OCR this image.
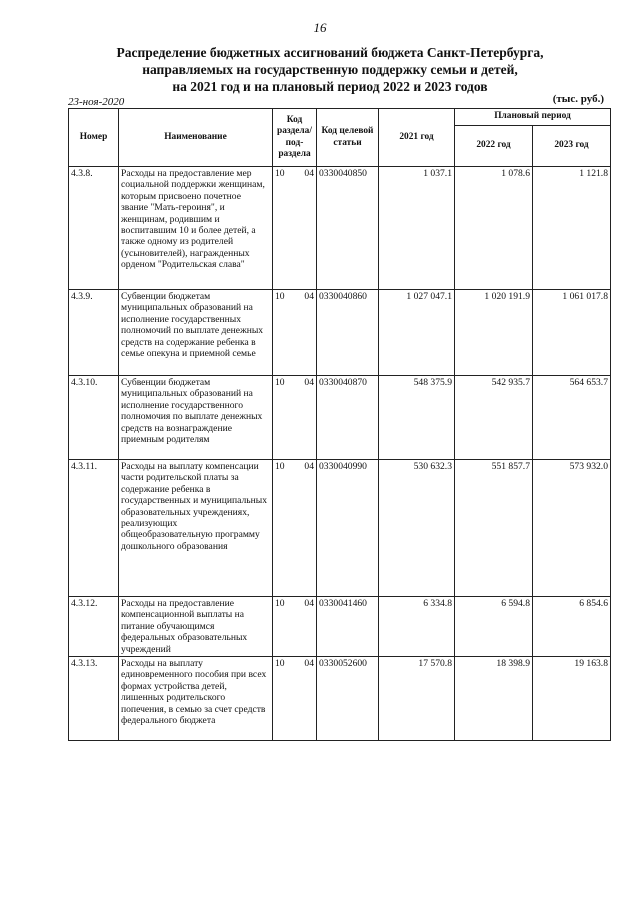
16
Распределение бюджетных ассигнований бюджета Санкт-Петербурга,
направляемых на государственную поддержку семьи и детей,
на 2021 год и на плановый период 2022 и 2023 годов
23-ноя-2020	(тыс. руб.)
Номер	Наименование	Код раздела/ под- раздела	Код целевой статьи	2021 год	Плановый период	
					2022 год	2023 год
4.3.8.	Расходы на предоставление мер социальной поддержки женщинам, которым присвоено почетное звание "Мать-героиня", и женщинам, родившим и воспитавшим 10 и более детей, а также одному из родителей (усыновителей), награжденных орденом "Родительская слава"	10 04	0330040850	1 037.1	1 078.6	1 121.8
4.3.9.	Субвенции бюджетам муниципальных образований на исполнение государственных полномочий по выплате денежных средств на содержание ребенка в семье опекуна и приемной семье	10 04	0330040860	1 027 047.1	1 020 191.9	1 061 017.8
4.3.10.	Субвенции бюджетам муниципальных образований на исполнение государственного полномочия по выплате денежных средств на вознаграждение приемным родителям	10 04	0330040870	548 375.9	542 935.7	564 653.7
4.3.11.	Расходы на выплату компенсации части родительской платы за содержание ребенка в государственных и муниципальных образовательных учреждениях, реализующих общеобразовательную программу дошкольного образования	10 04	0330040990	530 632.3	551 857.7	573 932.0
4.3.12.	Расходы на предоставление компенсационной выплаты на питание обучающимся федеральных образовательных учреждений	10 04	0330041460	6 334.8	6 594.8	6 854.6
4.3.13.	Расходы на выплату единовременного пособия при всех формах устройства детей, лишенных родительского попечения, в семью за счет средств федерального бюджета	10 04	0330052600	17 570.8	18 398.9	19 163.8
